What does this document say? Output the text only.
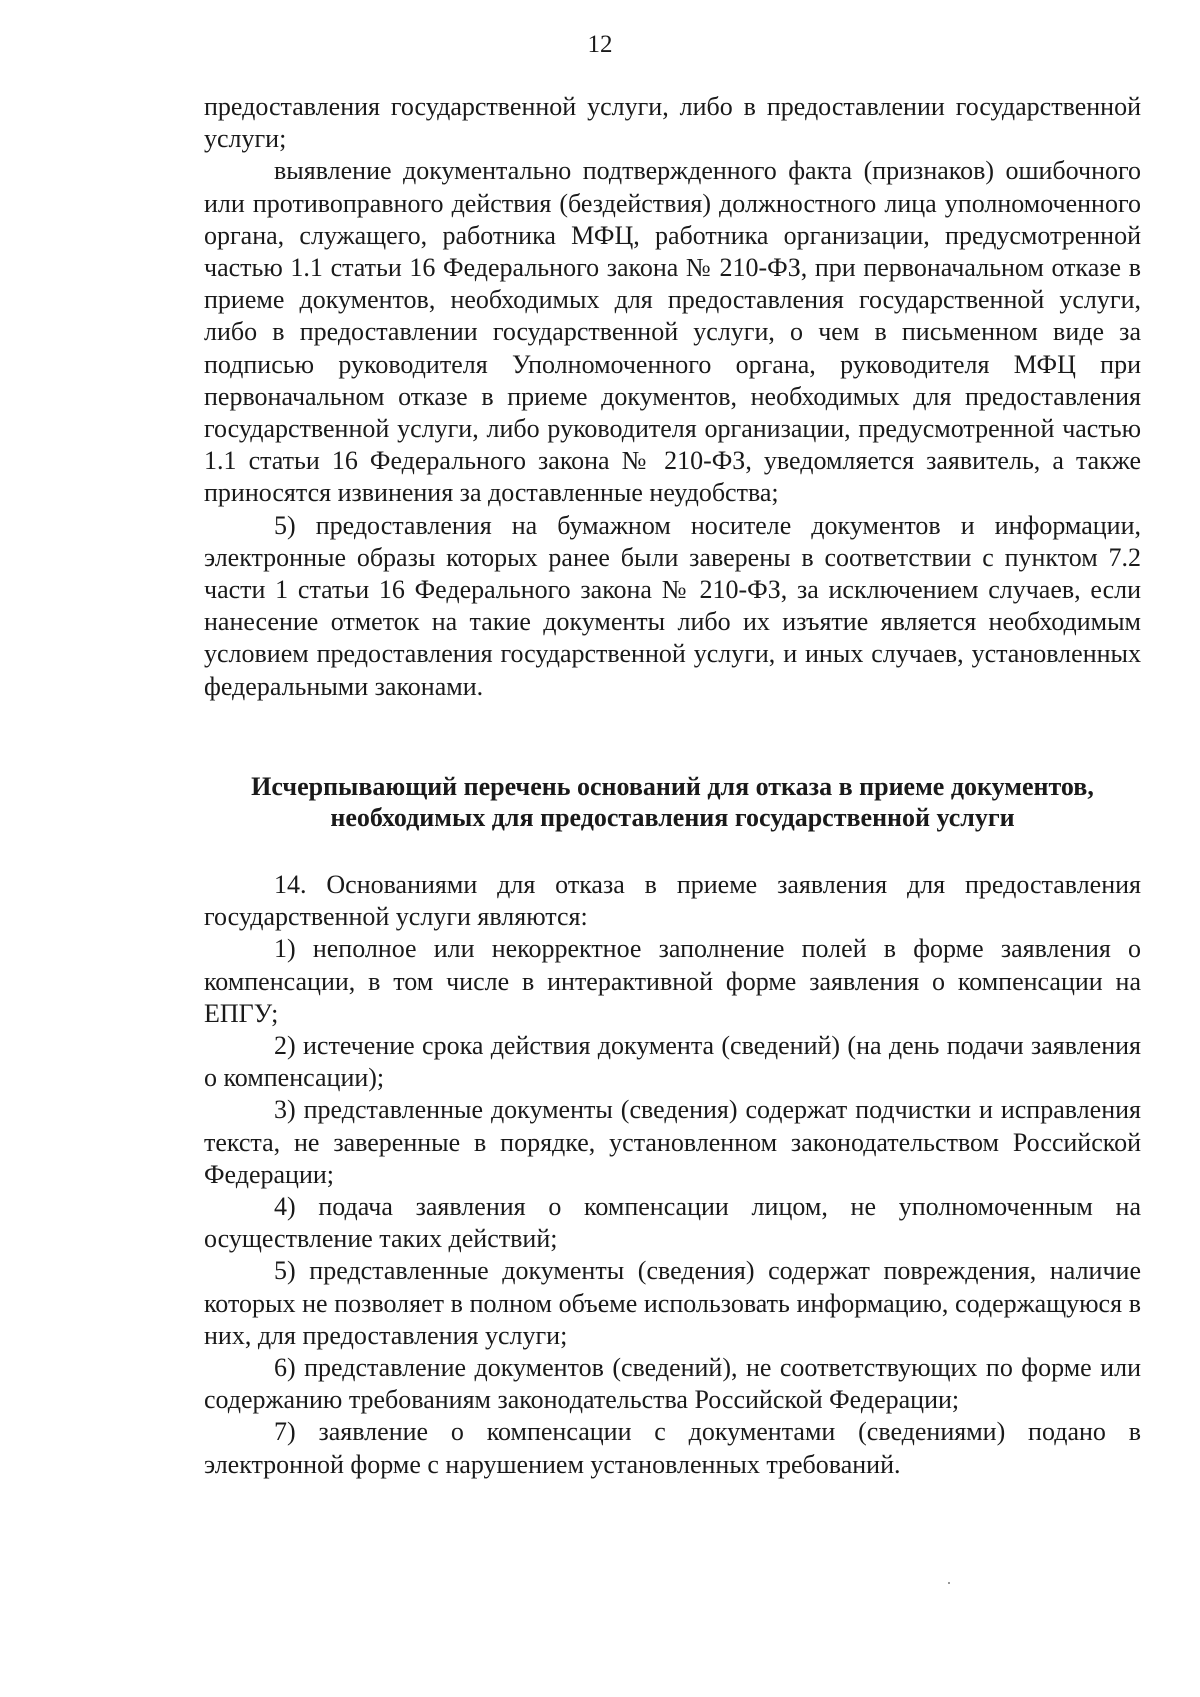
12

предоставления государственной услуги, либо в предоставлении государственной услуги;

выявление документально подтвержденного факта (признаков) ошибочного или противоправного действия (бездействия) должностного лица уполномоченного органа, служащего, работника МФЦ, работника организации, предусмотренной частью 1.1 статьи 16 Федерального закона № 210-ФЗ, при первоначальном отказе в приеме документов, необходимых для предоставления государственной услуги, либо в предоставлении государственной услуги, о чем в письменном виде за подписью руководителя Уполномоченного органа, руководителя МФЦ при первоначальном отказе в приеме документов, необходимых для предоставления государственной услуги, либо руководителя организации, предусмотренной частью 1.1 статьи 16 Федерального закона № 210-ФЗ, уведомляется заявитель, а также приносятся извинения за доставленные неудобства;

5) предоставления на бумажном носителе документов и информации, электронные образы которых ранее были заверены в соответствии с пунктом 7.2 части 1 статьи 16 Федерального закона № 210-ФЗ, за исключением случаев, если нанесение отметок на такие документы либо их изъятие является необходимым условием предоставления государственной услуги, и иных случаев, установленных федеральными законами.

Исчерпывающий перечень оснований для отказа в приеме документов,

необходимых для предоставления государственной услуги

14. Основаниями для отказа в приеме заявления для предоставления государственной услуги являются:

1) неполное или некорректное заполнение полей в форме заявления о компенсации, в том числе в интерактивной форме заявления о компенсации на ЕПГУ;

2) истечение срока действия документа (сведений) (на день подачи заявления о компенсации);

3) представленные документы (сведения) содержат подчистки и исправления текста, не заверенные в порядке, установленном законодательством Российской Федерации;

4) подача заявления о компенсации лицом, не уполномоченным на осуществление таких действий;

5) представленные документы (сведения) содержат повреждения, наличие которых не позволяет в полном объеме использовать информацию, содержащуюся в них, для предоставления услуги;

6) представление документов (сведений), не соответствующих по форме или содержанию требованиям законодательства Российской Федерации;

7) заявление о компенсации с документами (сведениями) подано в электронной форме с нарушением установленных требований.
